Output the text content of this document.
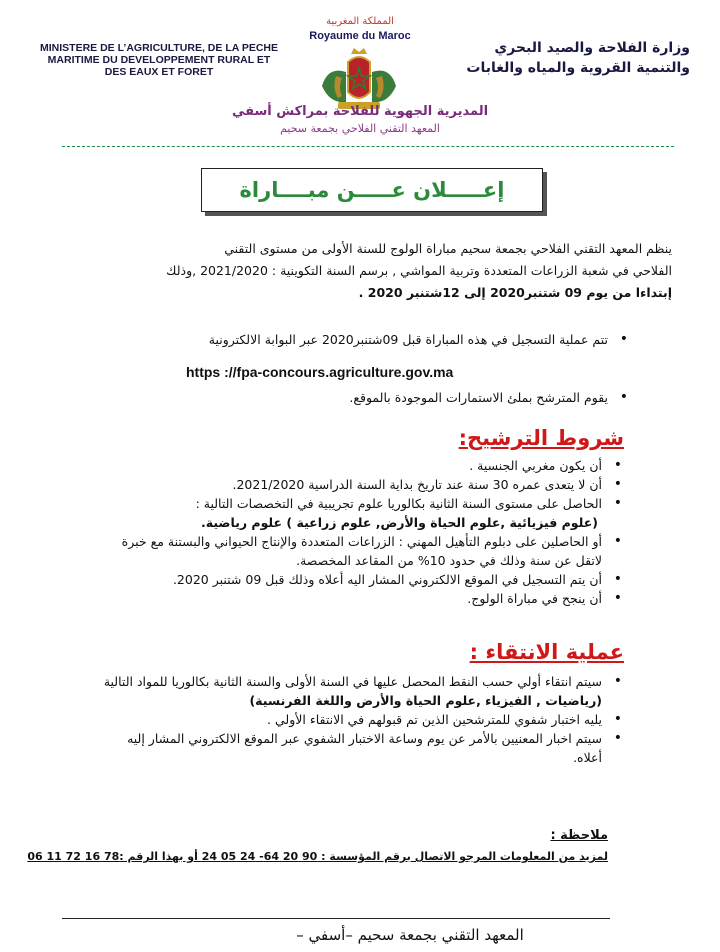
MINISTERE DE L’AGRICULTURE, DE LA PECHE MARITIME DU DEVELOPPEMENT RURAL ET DES EAUX ET FORET
وزارة الفلاحة والصيد البحري
والتنمية القروية والمياه والغابات
المملكة المغربية
Royaume du Maroc
المديرية الجهوية للفلاحة بمراكش أسفي
المعهد التقني الفلاحي بجمعة سحيم
إعـــــلان عـــــن مبــــاراة
ينظم المعهد التقني الفلاحي بجمعة سحيم مباراة الولوج للسنة الأولى من مستوى التقني
الفلاحي في شعبة الزراعات المتعددة وتربية المواشي , برسم السنة التكوينية : 2021/2020 ,وذلك
إبتداءا من يوم 09 شتنبر2020 إلى 12شتنبر 2020 .
تتم عملية التسجيل في هذه المباراة قبل 09شتنبر2020 عبر البوابة الالكترونية
https ://fpa-concours.agriculture.gov.ma
يقوم المترشح بملئ الاستمارات الموجودة بالموقع.
شروط الترشيح:
• أن يكون مغربي الجنسية .
• أن لا يتعدى عمره 30 سنة عند تاريخ بداية السنة الدراسية 2021/2020.
• الحاصل على مستوى السنة الثانية بكالوريا علوم تجريبية في التخصصات التالية :
(علوم فيزيائية ,علوم الحياة والأرض, علوم زراعية ) علوم رياضية.
• أو الحاصلين على دبلوم التأهيل المهني : الزراعات المتعددة والإنتاج الحيواني والبستنة مع خبرة
لاتقل عن سنة وذلك في حدود 10% من المقاعد المخصصة.
• أن يتم التسجيل في الموقع الالكتروني المشار اليه أعلاه وذلك قبل 09 شتنبر 2020.
• أن ينجح في مباراة الولوج.
عملية الانتقاء :
• سيتم انتقاء أولي حسب النقط المحصل عليها في السنة الأولى والسنة الثانية بكالوريا للمواد التالية
(رياضيات , الفيزياء ,علوم الحياة والأرض واللغة الفرنسية)
• يليه اختبار شفوي للمترشحين الذين تم قبولهم في الانتقاء الأولي .
• سيتم اخبار المعنيين بالأمر عن يوم وساعة الاختبار الشفوي عبر الموقع الالكتروني المشار إليه
أعلاه.
ملاحظة :
لمزيد من المعلومات المرجو الاتصال برقم المؤسسة : 90 20 64- 24 05 24 أو بهذا الرقم :78 16 72 11 06
المعهد التقني بجمعة سحيم –أسفي –
